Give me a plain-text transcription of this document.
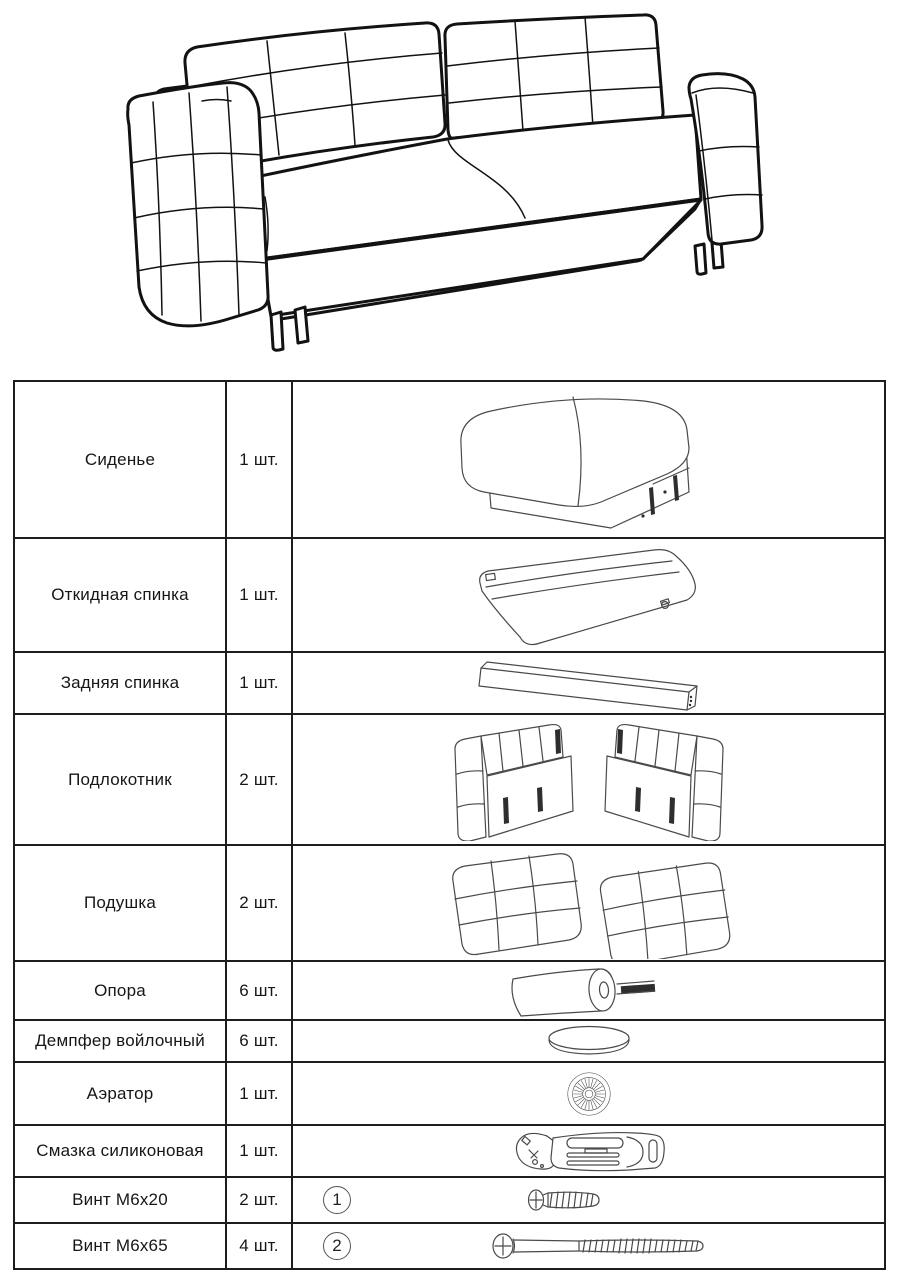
Сиденье	1 шт.	
Откидная спинка	1 шт.	
Задняя спинка	1 шт.	
Подлокотник	2 шт.	
Подушка	2 шт.	
Опора	6 шт.	
Демпфер войлочный	6 шт.	
Аэратор	1 шт.	
Смазка силиконовая	1 шт.	
Винт М6х20	2 шт.	1

Винт М6х65	4 шт.	2
